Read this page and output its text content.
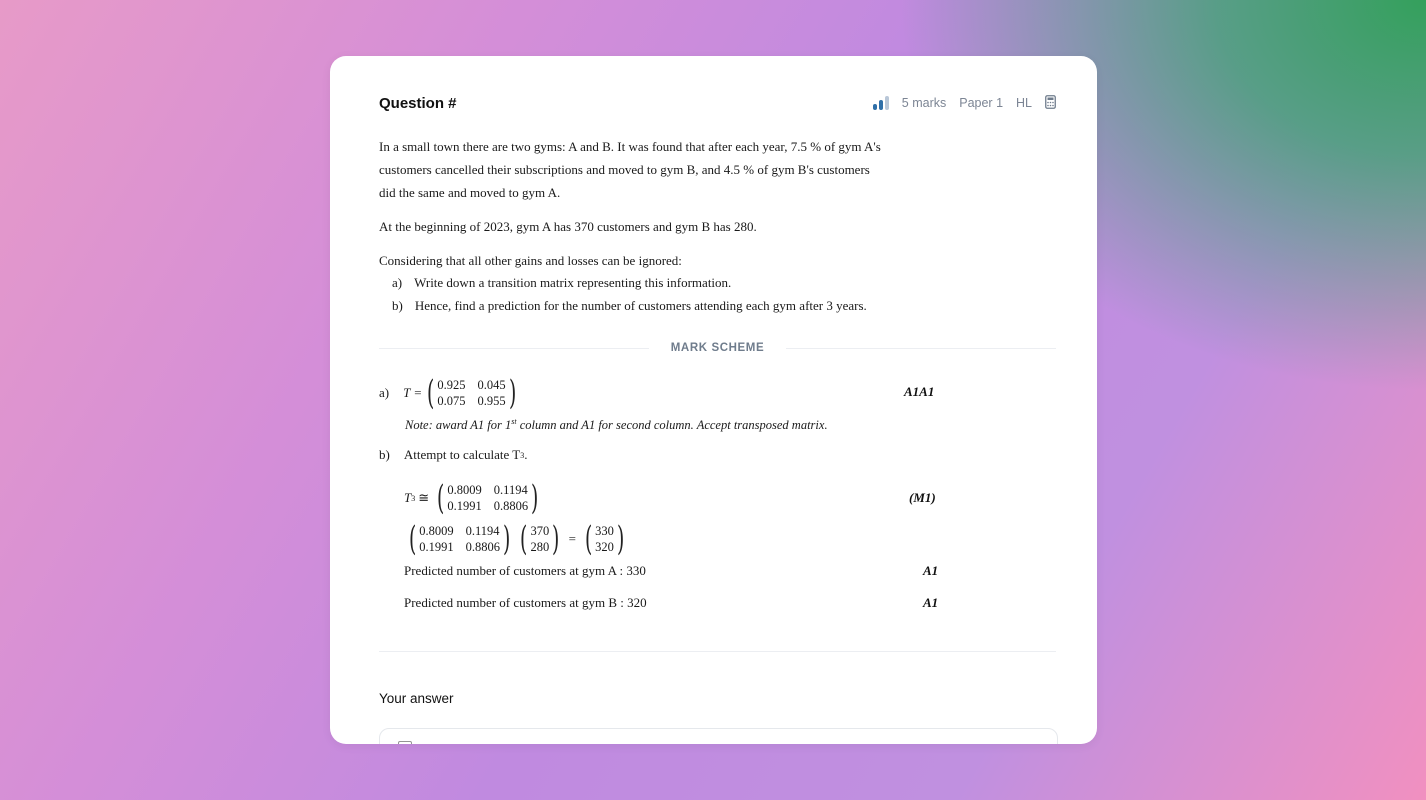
Question #	5 marks Paper 1 HL
In a small town there are two gyms: A and B. It was found that after each year, 7.5 % of gym A's
customers cancelled their subscriptions and moved to gym B, and 4.5 % of gym B's customers
did the same and moved to gym A.
At the beginning of 2023, gym A has 370 customers and gym B has 280.
Considering that all other gains and losses can be ignored:
a) Write down a transition matrix representing this information.
b) Hence, find a prediction for the number of customers attending each gym after 3 years.
MARK SCHEME
a) T = ( 0.925 0.045
0.075 0.955 )	A1A1
Note: award A1 for 1st column and A1 for second column. Accept transposed matrix.
b) Attempt to calculate T 3 .
T 3 ≅ ( 0.8009 0.1194
0.1991 0.8806 )	(M1)
( 0.8009 0.1194
0.1991 0.8806 ) ( 370
280 ) = ( 330
320 )
Predicted number of customers at gym A : 330	A1
Predicted number of customers at gym B : 320	A1
Your answer
